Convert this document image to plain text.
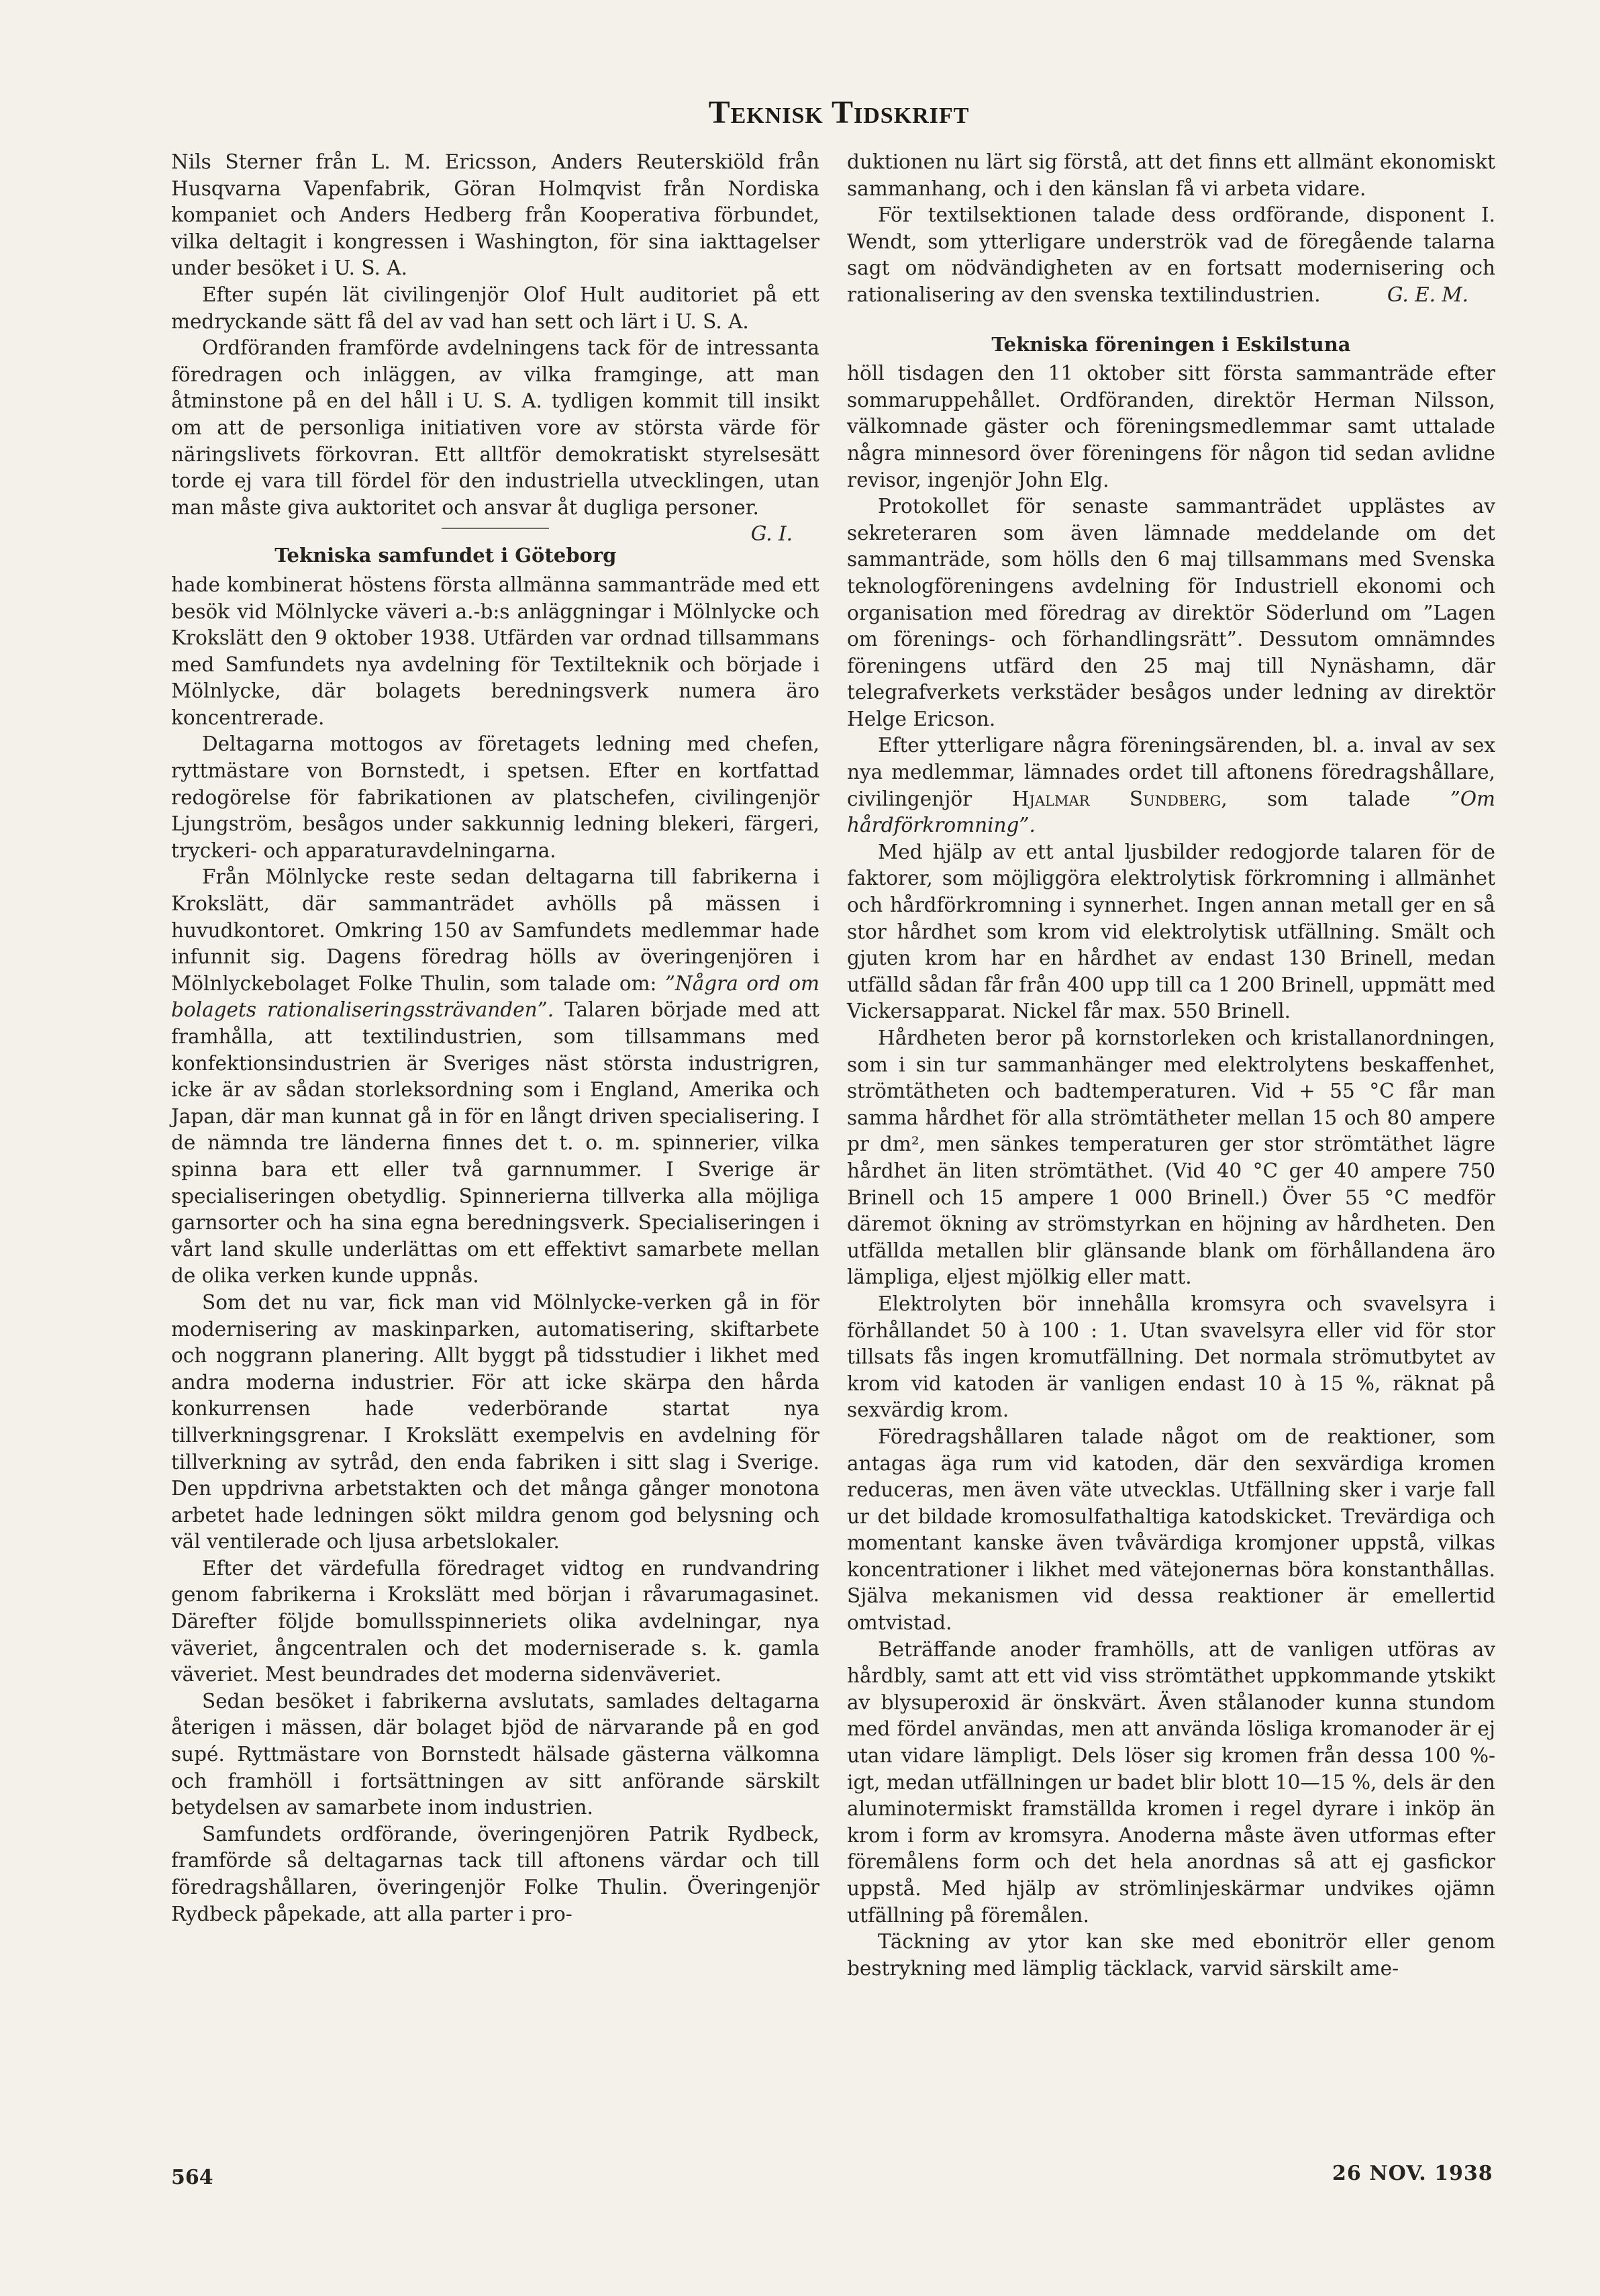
Teknisk Tidskrift

Nils Sterner från L. M. Ericsson, Anders Reuterskiöld från Husqvarna Vapenfabrik, Göran Holmqvist från Nordiska kompaniet och Anders Hedberg från Kooperativa förbundet, vilka deltagit i kongressen i Washington, för sina iakttagelser under besöket i U. S. A.

Efter supén lät civilingenjör Olof Hult auditoriet på ett medryckande sätt få del av vad han sett och lärt i U. S. A.

Ordföranden framförde avdelningens tack för de intressanta föredragen och inläggen, av vilka framginge, att man åtminstone på en del håll i U. S. A. tydligen kommit till insikt om att de personliga initiativen vore av största värde för näringslivets förkovran. Ett alltför demokratiskt styrelsesätt torde ej vara till fördel för den industriella utvecklingen, utan man måste giva auktoritet och ansvar åt dugliga personer.
G. I.

Tekniska samfundet i Göteborg

hade kombinerat höstens första allmänna sammanträde med ett besök vid Mölnlycke väveri a.-b:s anläggningar i Mölnlycke och Krokslätt den 9 oktober 1938. Utfärden var ordnad tillsammans med Samfundets nya avdelning för Textilteknik och började i Mölnlycke, där bolagets beredningsverk numera äro koncentrerade.

Deltagarna mottogos av företagets ledning med chefen, ryttmästare von Bornstedt, i spetsen. Efter en kortfattad redogörelse för fabrikationen av platschefen, civilingenjör Ljungström, besågos under sakkunnig ledning blekeri, färgeri, tryckeri- och apparaturavdelningarna.

Från Mölnlycke reste sedan deltagarna till fabrikerna i Krokslätt, där sammanträdet avhölls på mässen i huvudkontoret. Omkring 150 av Samfundets medlemmar hade infunnit sig. Dagens föredrag hölls av överingenjören i Mölnlyckebolaget Folke Thulin, som talade om: ”Några ord om bolagets rationaliseringssträvanden”. Talaren började med att framhålla, att textilindustrien, som tillsammans med konfektionsindustrien är Sveriges näst största industrigren, icke är av sådan storleksordning som i England, Amerika och Japan, där man kunnat gå in för en långt driven specialisering. I de nämnda tre länderna finnes det t. o. m. spinnerier, vilka spinna bara ett eller två garnnummer. I Sverige är specialiseringen obetydlig. Spinnerierna tillverka alla möjliga garnsorter och ha sina egna beredningsverk. Specialiseringen i vårt land skulle underlättas om ett effektivt samarbete mellan de olika verken kunde uppnås.

Som det nu var, fick man vid Mölnlycke-verken gå in för modernisering av maskinparken, automatisering, skiftarbete och noggrann planering. Allt byggt på tidsstudier i likhet med andra moderna industrier. För att icke skärpa den hårda konkurrensen hade vederbörande startat nya tillverkningsgrenar. I Krokslätt exempelvis en avdelning för tillverkning av sytråd, den enda fabriken i sitt slag i Sverige. Den uppdrivna arbetstakten och det många gånger monotona arbetet hade ledningen sökt mildra genom god belysning och väl ventilerade och ljusa arbetslokaler.

Efter det värdefulla föredraget vidtog en rundvandring genom fabrikerna i Krokslätt med början i råvarumagasinet. Därefter följde bomullsspinneriets olika avdelningar, nya väveriet, ångcentralen och det moderniserade s. k. gamla väveriet. Mest beundrades det moderna sidenväveriet.

Sedan besöket i fabrikerna avslutats, samlades deltagarna återigen i mässen, där bolaget bjöd de närvarande på en god supé. Ryttmästare von Bornstedt hälsade gästerna välkomna och framhöll i fortsättningen av sitt anförande särskilt betydelsen av samarbete inom industrien.

Samfundets ordförande, överingenjören Patrik Rydbeck, framförde så deltagarnas tack till aftonens värdar och till föredragshållaren, överingenjör Folke Thulin. Överingenjör Rydbeck påpekade, att alla parter i pro-

duktionen nu lärt sig förstå, att det finns ett allmänt ekonomiskt sammanhang, och i den känslan få vi arbeta vidare.

För textilsektionen talade dess ordförande, disponent I. Wendt, som ytterligare underströk vad de föregående talarna sagt om nödvändigheten av en fortsatt modernisering och rationalisering av den svenska textilindustrien.	G. E. M.

Tekniska föreningen i Eskilstuna

höll tisdagen den 11 oktober sitt första sammanträde efter sommaruppehållet. Ordföranden, direktör Herman Nilsson, välkomnade gäster och föreningsmedlemmar samt uttalade några minnesord över föreningens för någon tid sedan avlidne revisor, ingenjör John Elg.

Protokollet för senaste sammanträdet upplästes av sekreteraren som även lämnade meddelande om det sammanträde, som hölls den 6 maj tillsammans med Svenska teknologföreningens avdelning för Industriell ekonomi och organisation med föredrag av direktör Söderlund om ”Lagen om förenings- och förhandlingsrätt”. Dessutom omnämndes föreningens utfärd den 25 maj till Nynäshamn, där telegrafverkets verkstäder besågos under ledning av direktör Helge Ericson.

Efter ytterligare några föreningsärenden, bl. a. inval av sex nya medlemmar, lämnades ordet till aftonens föredragshållare, civilingenjör Hjalmar Sundberg, som talade ”Om hårdförkromning”.

Med hjälp av ett antal ljusbilder redogjorde talaren för de faktorer, som möjliggöra elektrolytisk förkromning i allmänhet och hårdförkromning i synnerhet. Ingen annan metall ger en så stor hårdhet som krom vid elektrolytisk utfällning. Smält och gjuten krom har en hårdhet av endast 130 Brinell, medan utfälld sådan får från 400 upp till ca 1 200 Brinell, uppmätt med Vickersapparat. Nickel får max. 550 Brinell.

Hårdheten beror på kornstorleken och kristallanordningen, som i sin tur sammanhänger med elektrolytens beskaffenhet, strömtätheten och badtemperaturen. Vid + 55 °C får man samma hårdhet för alla strömtätheter mellan 15 och 80 ampere pr dm², men sänkes temperaturen ger stor strömtäthet lägre hårdhet än liten strömtäthet. (Vid 40 °C ger 40 ampere 750 Brinell och 15 ampere 1 000 Brinell.) Över 55 °C medför däremot ökning av strömstyrkan en höjning av hårdheten. Den utfällda metallen blir glänsande blank om förhållandena äro lämpliga, eljest mjölkig eller matt.

Elektrolyten bör innehålla kromsyra och svavelsyra i förhållandet 50 à 100 : 1. Utan svavelsyra eller vid för stor tillsats fås ingen kromutfällning. Det normala strömutbytet av krom vid katoden är vanligen endast 10 à 15 %, räknat på sexvärdig krom.

Föredragshållaren talade något om de reaktioner, som antagas äga rum vid katoden, där den sexvärdiga kromen reduceras, men även väte utvecklas. Utfällning sker i varje fall ur det bildade kromosulfathaltiga katodskicket. Trevärdiga och momentant kanske även tvåvärdiga kromjoner uppstå, vilkas koncentrationer i likhet med vätejonernas böra konstanthållas. Själva mekanismen vid dessa reaktioner är emellertid omtvistad.

Beträffande anoder framhölls, att de vanligen utföras av hårdbly, samt att ett vid viss strömtäthet uppkommande ytskikt av blysuperoxid är önskvärt. Även stålanoder kunna stundom med fördel användas, men att använda lösliga kromanoder är ej utan vidare lämpligt. Dels löser sig kromen från dessa 100 %-igt, medan utfällningen ur badet blir blott 10—15 %, dels är den aluminotermiskt framställda kromen i regel dyrare i inköp än krom i form av kromsyra. Anoderna måste även utformas efter föremålens form och det hela anordnas så att ej gasfickor uppstå. Med hjälp av strömlinjeskärmar undvikes ojämn utfällning på föremålen.

Täckning av ytor kan ske med ebonitrör eller genom bestrykning med lämplig täcklack, varvid särskilt ame-

564	26 NOV. 1938
